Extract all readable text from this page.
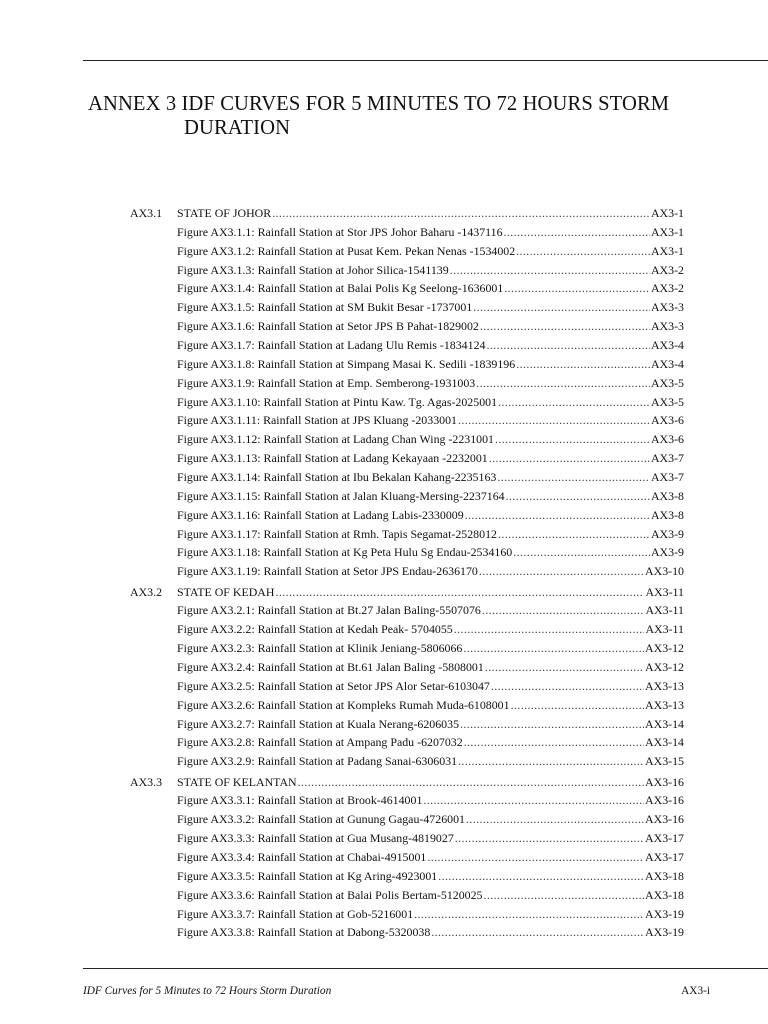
ANNEX 3 IDF CURVES FOR 5 MINUTES TO 72 HOURS STORM
DURATION
AX3.1 STATE OF JOHOR .....	AX3-1
Figure AX3.1.1: Rainfall Station at Stor JPS Johor Baharu -1437116 .....	AX3-1
Figure AX3.1.2: Rainfall Station at Pusat Kem. Pekan Nenas -1534002 .....	AX3-1
Figure AX3.1.3: Rainfall Station at Johor Silica-1541139 .....	AX3-2
Figure AX3.1.4: Rainfall Station at Balai Polis Kg Seelong-1636001 .....	AX3-2
Figure AX3.1.5: Rainfall Station at SM Bukit Besar -1737001 .....	AX3-3
Figure AX3.1.6: Rainfall Station at Setor JPS B Pahat-1829002 .....	AX3-3
Figure AX3.1.7: Rainfall Station at Ladang Ulu Remis -1834124 .....	AX3-4
Figure AX3.1.8: Rainfall Station at Simpang Masai K. Sedili -1839196 .....	AX3-4
Figure AX3.1.9: Rainfall Station at Emp. Semberong-1931003 .....	AX3-5
Figure AX3.1.10: Rainfall Station at Pintu Kaw. Tg. Agas-2025001 .....	AX3-5
Figure AX3.1.11: Rainfall Station at JPS Kluang -2033001 .....	AX3-6
Figure AX3.1.12: Rainfall Station at Ladang Chan Wing -2231001 .....	AX3-6
Figure AX3.1.13: Rainfall Station at Ladang Kekayaan -2232001 .....	AX3-7
Figure AX3.1.14: Rainfall Station at Ibu Bekalan Kahang-2235163 .....	AX3-7
Figure AX3.1.15: Rainfall Station at Jalan Kluang-Mersing-2237164 .....	AX3-8
Figure AX3.1.16: Rainfall Station at Ladang Labis-2330009 .....	AX3-8
Figure AX3.1.17: Rainfall Station at Rmh. Tapis Segamat-2528012 .....	AX3-9
Figure AX3.1.18: Rainfall Station at Kg Peta Hulu Sg Endau-2534160 .....	AX3-9
Figure AX3.1.19: Rainfall Station at Setor JPS Endau-2636170 .....	AX3-10
AX3.2 STATE OF KEDAH .....	AX3-11
Figure AX3.2.1: Rainfall Station at Bt.27 Jalan Baling-5507076 .....	AX3-11
Figure AX3.2.2: Rainfall Station at Kedah Peak- 5704055 .....	AX3-11
Figure AX3.2.3: Rainfall Station at Klinik Jeniang-5806066 .....	AX3-12
Figure AX3.2.4: Rainfall Station at Bt.61 Jalan Baling -5808001 .....	AX3-12
Figure AX3.2.5: Rainfall Station at Setor JPS Alor Setar-6103047 .....	AX3-13
Figure AX3.2.6: Rainfall Station at Kompleks Rumah Muda-6108001 .....	AX3-13
Figure AX3.2.7: Rainfall Station at Kuala Nerang-6206035 .....	AX3-14
Figure AX3.2.8: Rainfall Station at Ampang Padu -6207032 .....	AX3-14
Figure AX3.2.9: Rainfall Station at Padang Sanai-6306031 .....	AX3-15
AX3.3 STATE OF KELANTAN .....	AX3-16
Figure AX3.3.1: Rainfall Station at Brook-4614001 .....	AX3-16
Figure AX3.3.2: Rainfall Station at Gunung Gagau-4726001 .....	AX3-16
Figure AX3.3.3: Rainfall Station at Gua Musang-4819027 .....	AX3-17
Figure AX3.3.4: Rainfall Station at Chabai-4915001 .....	AX3-17
Figure AX3.3.5: Rainfall Station at Kg Aring-4923001 .....	AX3-18
Figure AX3.3.6: Rainfall Station at Balai Polis Bertam-5120025 .....	AX3-18
Figure AX3.3.7: Rainfall Station at Gob-5216001 .....	AX3-19
Figure AX3.3.8: Rainfall Station at Dabong-5320038 .....	AX3-19
IDF Curves for 5 Minutes to 72 Hours Storm Duration	AX3-i
